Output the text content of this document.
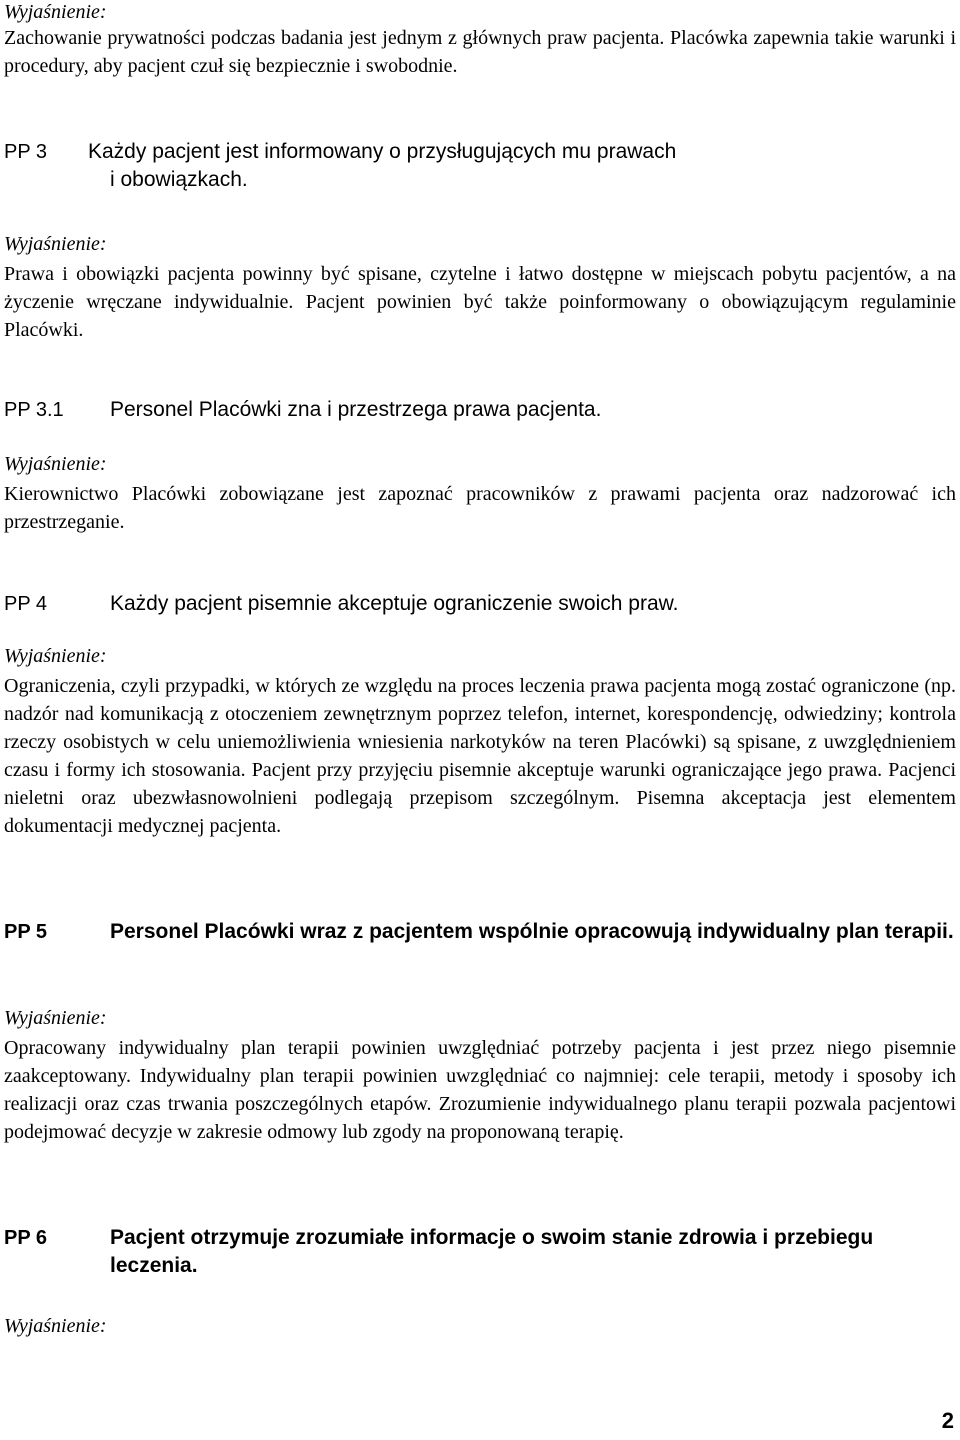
Wyjaśnienie:

Zachowanie prywatności podczas badania jest jednym z głównych praw pacjenta. Placówka zapewnia takie warunki i procedury, aby pacjent czuł się bezpiecznie i swobodnie.

PP 3 Każdy pacjent jest informowany o przysługujących mu prawach
i obowiązkach.
Wyjaśnienie:

Prawa i obowiązki pacjenta powinny być spisane, czytelne i łatwo dostępne w miejscach pobytu pacjentów, a na życzenie wręczane indywidualnie. Pacjent powinien być także poinformowany o obowiązującym regulaminie Placówki.

PP 3.1 Personel Placówki zna i przestrzega prawa pacjenta.

Wyjaśnienie:

Kierownictwo Placówki zobowiązane jest zapoznać pracowników z prawami pacjenta oraz nadzorować ich przestrzeganie.

PP 4	Każdy pacjent pisemnie akceptuje ograniczenie swoich praw.

Wyjaśnienie:

Ograniczenia, czyli przypadki, w których ze względu na proces leczenia prawa pacjenta mogą zostać ograniczone (np. nadzór nad komunikacją z otoczeniem zewnętrznym poprzez telefon, internet, korespondencję, odwiedziny; kontrola rzeczy osobistych w celu uniemożliwienia wniesienia narkotyków na teren Placówki) są spisane, z uwzględnieniem czasu i formy ich stosowania. Pacjent przy przyjęciu pisemnie akceptuje warunki ograniczające jego prawa. Pacjenci nieletni oraz ubezwłasnowolnieni podlegają przepisom szczególnym. Pisemna akceptacja jest elementem dokumentacji medycznej pacjenta.

PP 5	Personel Placówki wraz z pacjentem wspólnie opracowują indywidualny plan terapii.

Wyjaśnienie:

Opracowany indywidualny plan terapii powinien uwzględniać potrzeby pacjenta i jest przez niego pisemnie zaakceptowany. Indywidualny plan terapii powinien uwzględniać co najmniej: cele terapii, metody i sposoby ich realizacji oraz czas trwania poszczególnych etapów. Zrozumienie indywidualnego planu terapii pozwala pacjentowi podejmować decyzje w zakresie odmowy lub zgody na proponowaną terapię.

PP 6	Pacjent otrzymuje zrozumiałe informacje o swoim stanie zdrowia i przebiegu leczenia.

Wyjaśnienie:
2
